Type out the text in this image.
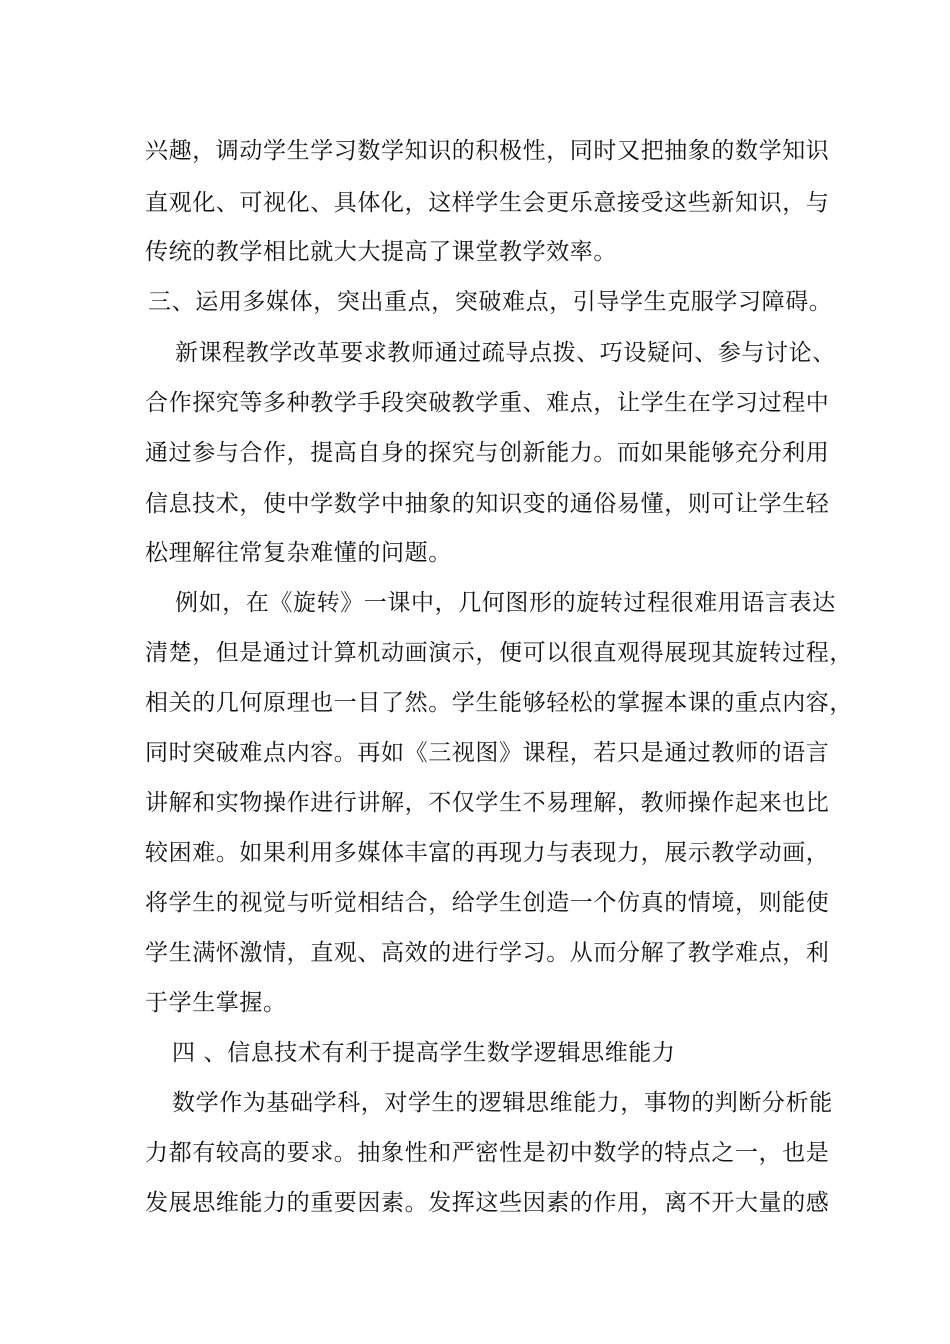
兴趣，调动学生学习数学知识的积极性，同时又把抽象的数学知识
直观化、可视化、具体化，这样学生会更乐意接受这些新知识，与
传统的教学相比就大大提高了课堂教学效率。
三、运用多媒体，突出重点，突破难点，引导学生克服学习障碍。
新课程教学改革要求教师通过疏导点拨、巧设疑问、参与讨论、
合作探究等多种教学手段突破教学重、难点，让学生在学习过程中
通过参与合作，提高自身的探究与创新能力。而如果能够充分利用
信息技术，使中学数学中抽象的知识变的通俗易懂，则可让学生轻
松理解往常复杂难懂的问题。
例如，在《旋转》一课中，几何图形的旋转过程很难用语言表达
清楚，但是通过计算机动画演示，便可以很直观得展现其旋转过程，
相关的几何原理也一目了然。学生能够轻松的掌握本课的重点内容，
同时突破难点内容。再如《三视图》课程，若只是通过教师的语言
讲解和实物操作进行讲解，不仅学生不易理解，教师操作起来也比
较困难。如果利用多媒体丰富的再现力与表现力，展示教学动画，
将学生的视觉与听觉相结合，给学生创造一个仿真的情境，则能使
学生满怀激情，直观、高效的进行学习。从而分解了教学难点，利
于学生掌握。
四 、信息技术有利于提高学生数学逻辑思维能力
数学作为基础学科，对学生的逻辑思维能力，事物的判断分析能
力都有较高的要求。抽象性和严密性是初中数学的特点之一，也是
发展思维能力的重要因素。发挥这些因素的作用，离不开大量的感
